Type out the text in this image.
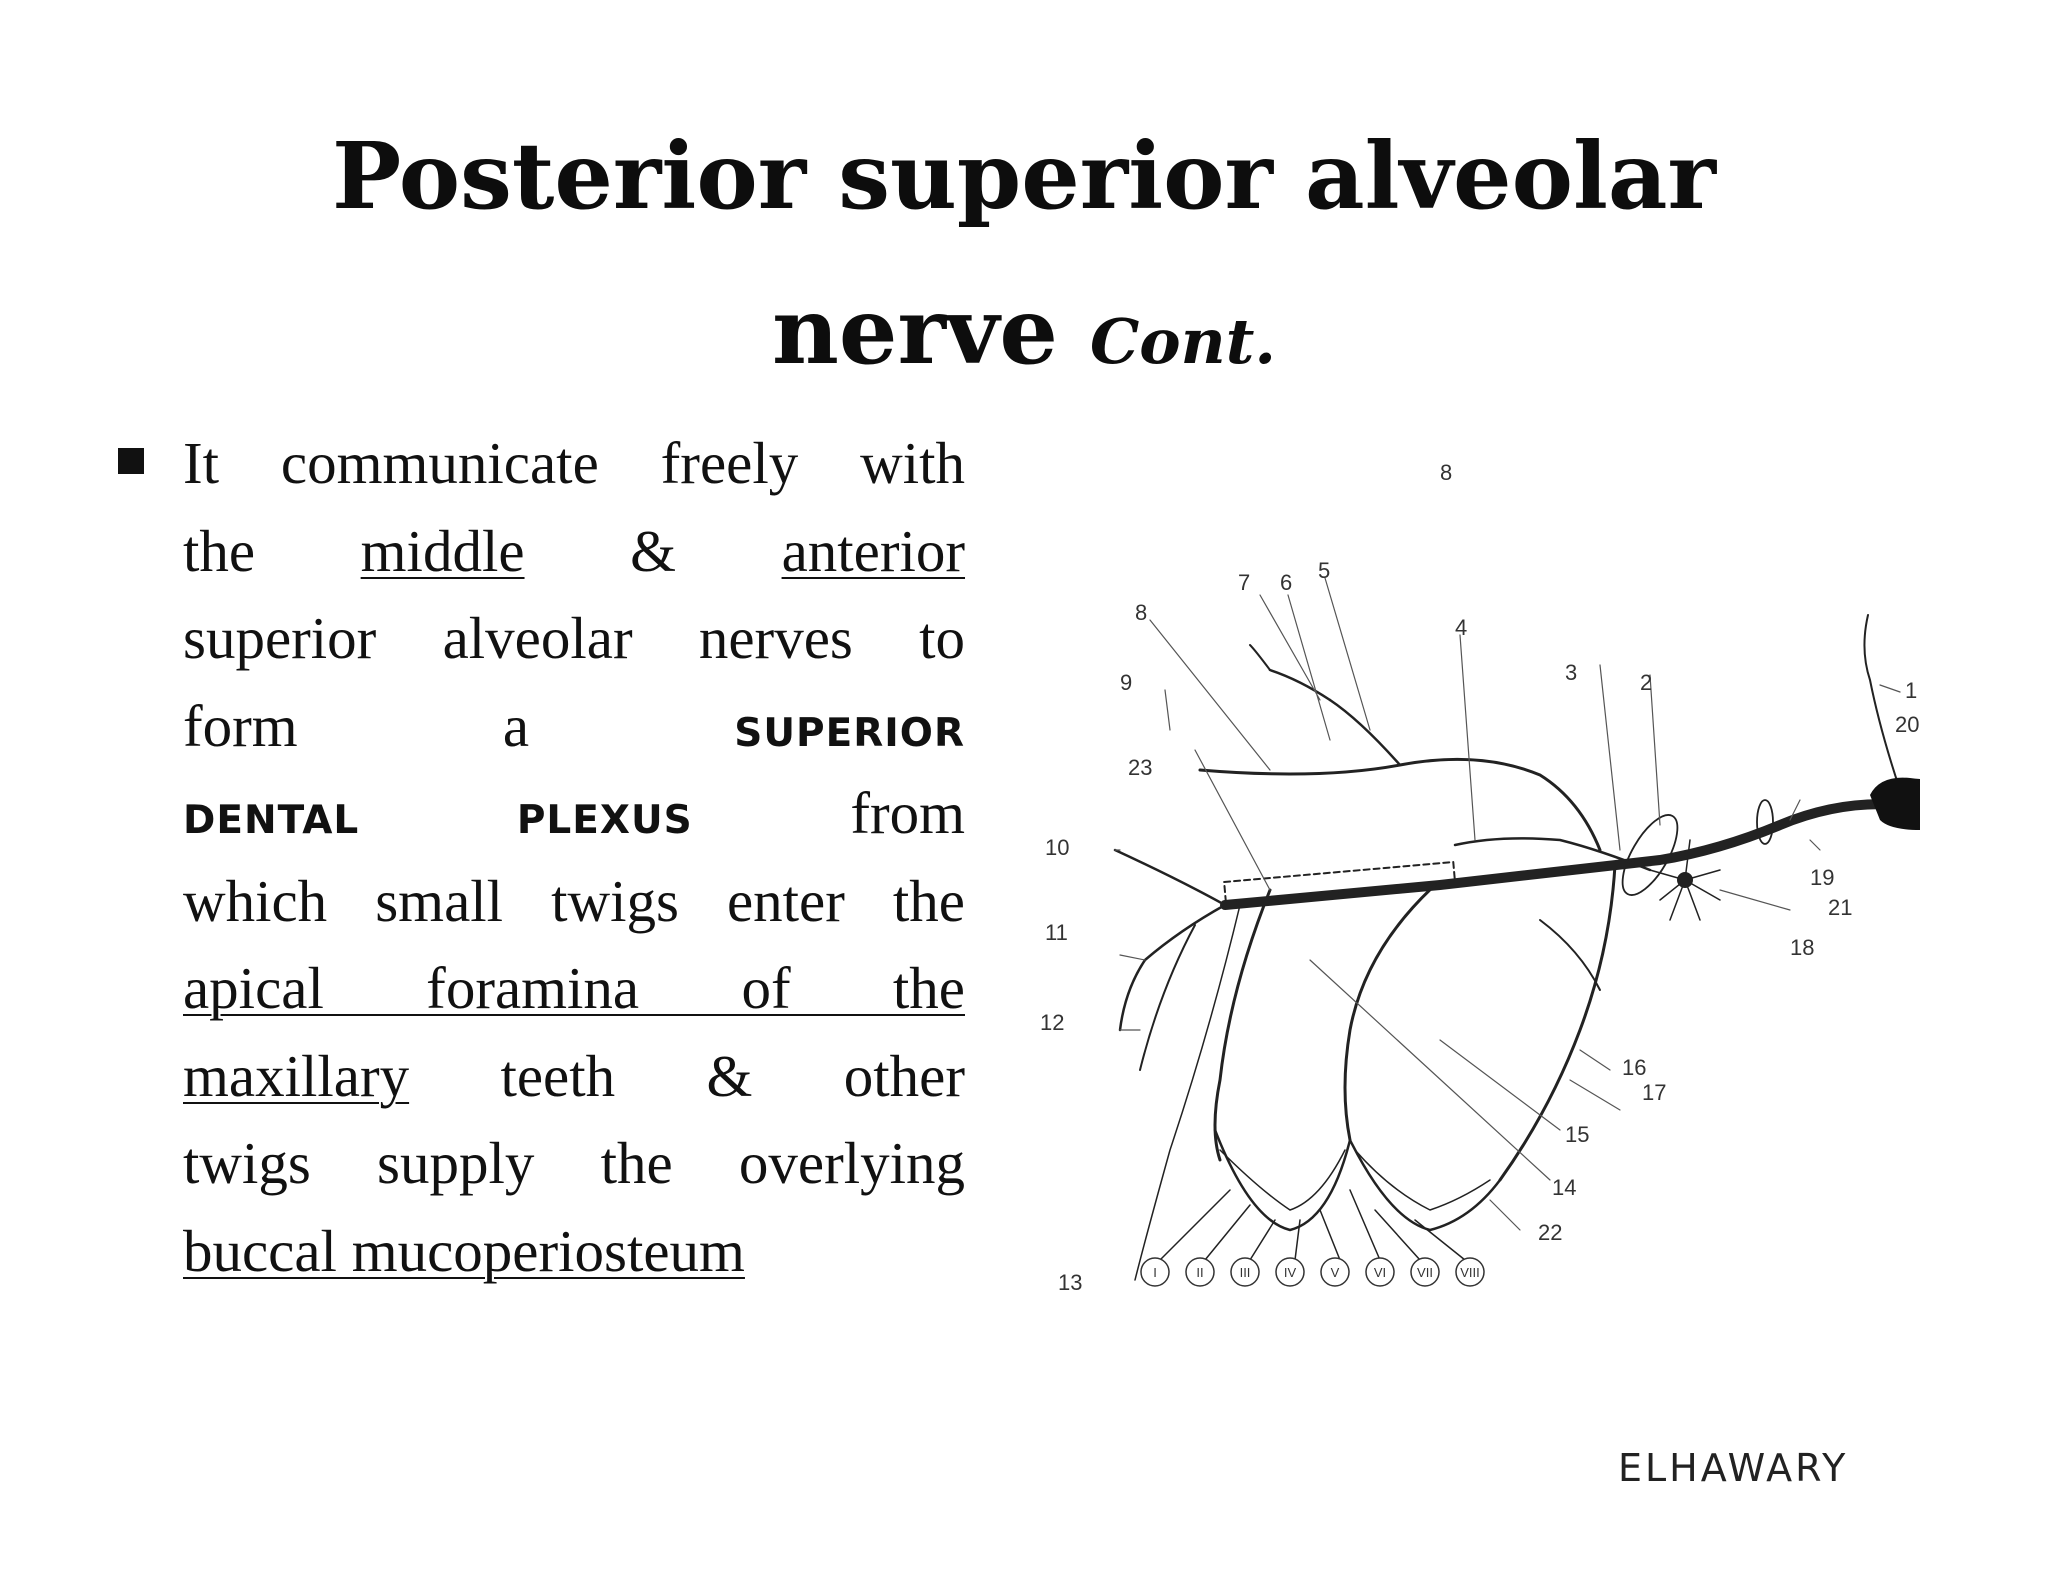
Posterior superior alveolar
nerve Cont.
It communicate freely with
the middle & anterior
superior alveolar nerves to
form	a	superior
dental	plexus	from
which small twigs enter the
apical foramina of the
maxillary teeth & other
twigs supply the overlying
buccal mucoperiosteum	I	II	III	IV	V	VI VII VIII
8
7 6 5
8
4
3	2	1
20
9
23
10
11
12
19
21
18
16
17
15
14
22
13
ELHAWARY
